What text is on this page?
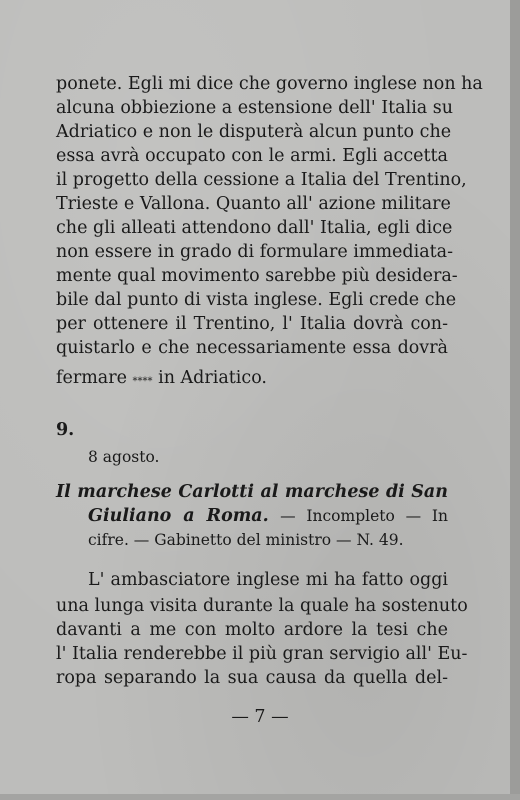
ponete. Egli mi dice che governo inglese non ha
alcuna obbiezione a estensione dell' Italia su
Adriatico e non le disputerà alcun punto che
essa avrà occupato con le armi. Egli accetta
il progetto della cessione a Italia del Trentino,
Trieste e Vallona. Quanto all' azione militare
che gli alleati attendono dall' Italia, egli dice
non essere in grado di formulare immediata-
mente qual movimento sarebbe più desidera-
bile dal punto di vista inglese. Egli crede che
per ottenere il Trentino, l' Italia dovrà con-
quistarlo e che necessariamente essa dovrà
fermare **** in Adriatico.
9.
8 agosto.
Il marchese Carlotti al marchese di San
Giuliano a Roma. — Incompleto — In
cifre. — Gabinetto del ministro — N. 49.
L' ambasciatore inglese mi ha fatto oggi
una lunga visita durante la quale ha sostenuto
davanti a me con molto ardore la tesi che
l' Italia renderebbe il più gran servigio all' Eu-
ropa separando la sua causa da quella del-
— 7 —
